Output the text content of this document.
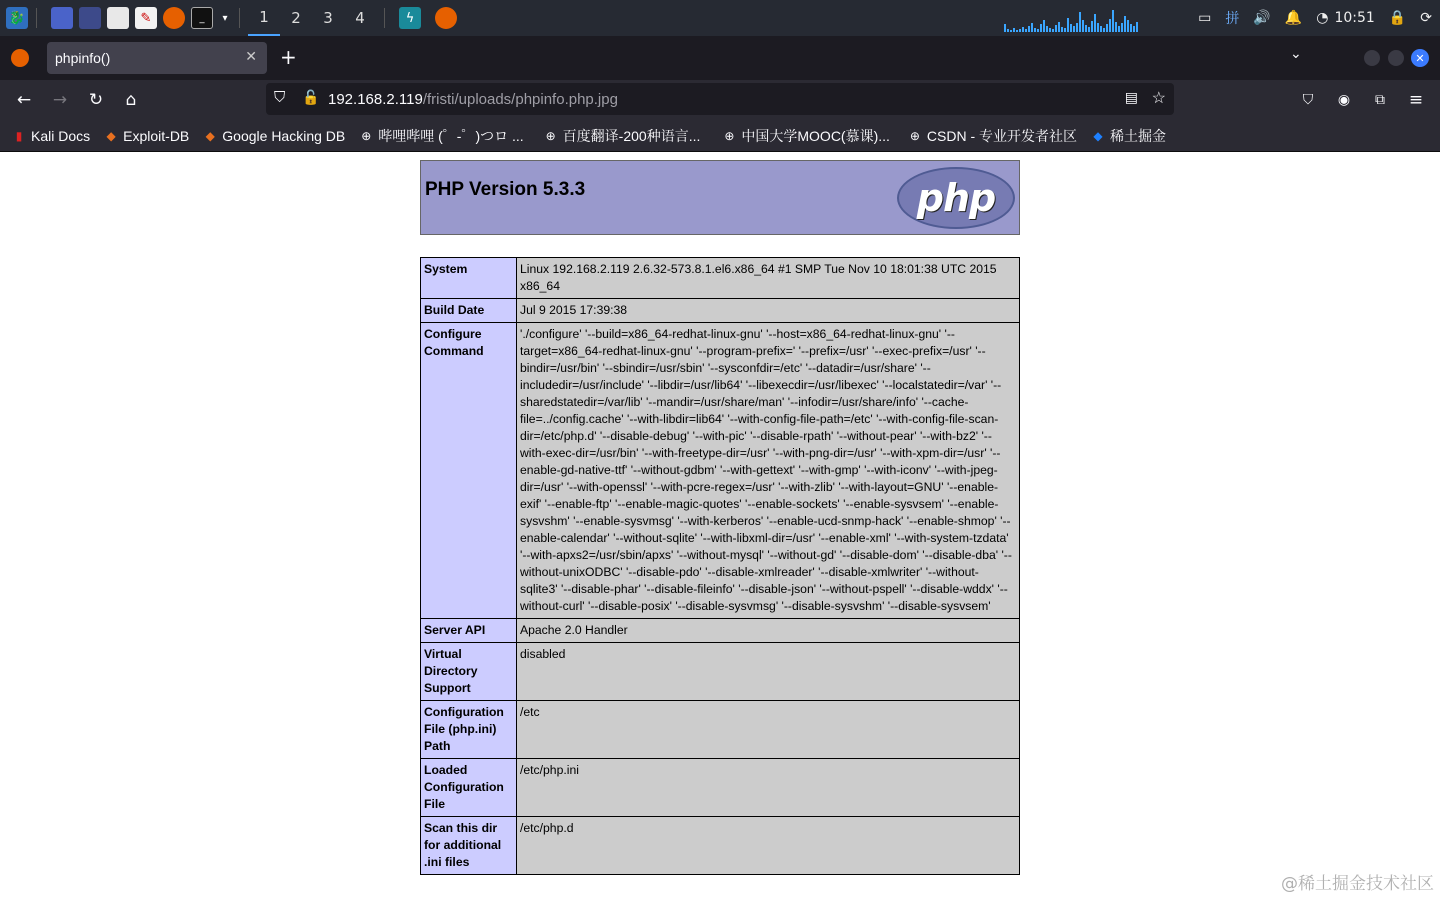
🐉	✎	_	▾	1	2	3	4	ϟ	▭ 拼 🔊 🔔 ◔ 10:51 🔒 ⟳
+	⌄	✕
phpinfo()	✕
← → ↻	⌂	⛉ 🔓 192.168.2.119 /fristi/uploads/phpinfo.php.jpg	▤ ☆	⛉	◉	⧉	≡
▮ Kali Docs ◆ Exploit-DB ◆ Google Hacking DB ⊕ 哔哩哔哩 (゜-゜)つロ ... ⊕ 百度翻译-200种语言... ⊕ 中国大学MOOC(慕课)... ⊕ CSDN - 专业开发者社区 ◆ 稀土掘金
PHP Version 5.3.3	php
System	Linux 192.168.2.119 2.6.32-573.8.1.el6.x86_64 #1 SMP Tue Nov 10 18:01:38 UTC 2015 x86_64
Build Date	Jul 9 2015 17:39:38
Configure Command	'./configure' '--build=x86_64-redhat-linux-gnu' '--host=x86_64-redhat-linux-gnu' '--target=x86_64-redhat-linux-gnu' '--program-prefix=' '--prefix=/usr' '--exec-prefix=/usr' '--bindir=/usr/bin' '--sbindir=/usr/sbin' '--sysconfdir=/etc' '--datadir=/usr/share' '--includedir=/usr/include' '--libdir=/usr/lib64' '--libexecdir=/usr/libexec' '--localstatedir=/var' '--sharedstatedir=/var/lib' '--mandir=/usr/share/man' '--infodir=/usr/share/info' '--cache-file=../config.cache' '--with-libdir=lib64' '--with-config-file-path=/etc' '--with-config-file-scan-dir=/etc/php.d' '--disable-debug' '--with-pic' '--disable-rpath' '--without-pear' '--with-bz2' '--with-exec-dir=/usr/bin' '--with-freetype-dir=/usr' '--with-png-dir=/usr' '--with-xpm-dir=/usr' '--enable-gd-native-ttf' '--without-gdbm' '--with-gettext' '--with-gmp' '--with-iconv' '--with-jpeg-dir=/usr' '--with-openssl' '--with-pcre-regex=/usr' '--with-zlib' '--with-layout=GNU' '--enable-exif' '--enable-ftp' '--enable-magic-quotes' '--enable-sockets' '--enable-sysvsem' '--enable-sysvshm' '--enable-sysvmsg' '--with-kerberos' '--enable-ucd-snmp-hack' '--enable-shmop' '--enable-calendar' '--without-sqlite' '--with-libxml-dir=/usr' '--enable-xml' '--with-system-tzdata' '--with-apxs2=/usr/sbin/apxs' '--without-mysql' '--without-gd' '--disable-dom' '--disable-dba' '--without-unixODBC' '--disable-pdo' '--disable-xmlreader' '--disable-xmlwriter' '--without-sqlite3' '--disable-phar' '--disable-fileinfo' '--disable-json' '--without-pspell' '--disable-wddx' '--without-curl' '--disable-posix' '--disable-sysvmsg' '--disable-sysvshm' '--disable-sysvsem'
Server API	Apache 2.0 Handler
Virtual Directory Support	disabled
Configuration File (php.ini) Path	/etc
Loaded Configuration File	/etc/php.ini
Scan this dir for additional .ini files	/etc/php.d
@稀土掘金技术社区
